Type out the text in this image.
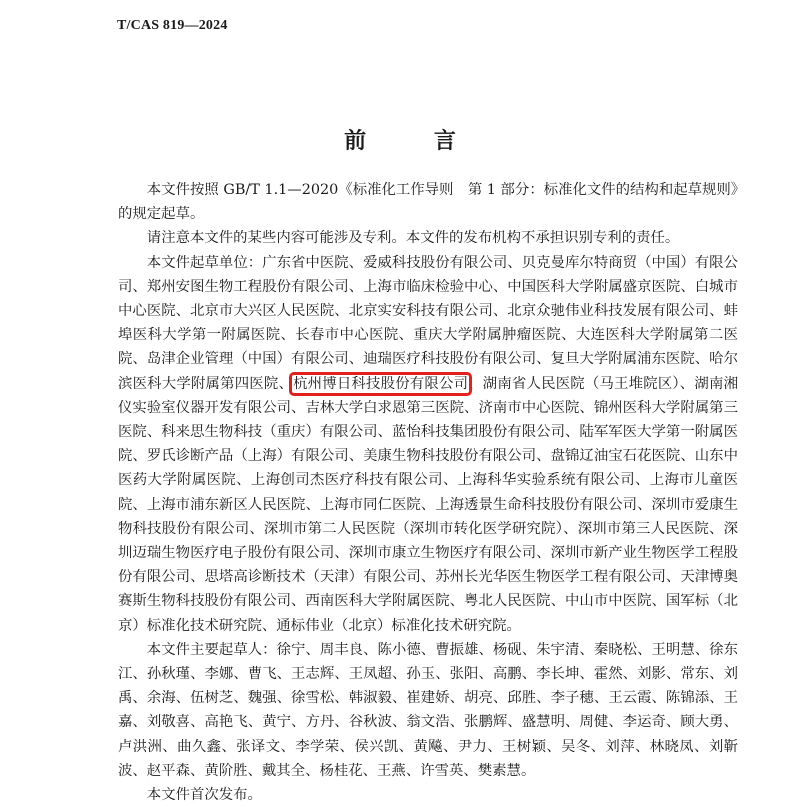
T/CAS 819—2024
前 言

本文件按照 GB/T 1.1—2020《标准化工作导则　第 1 部分：标准化文件的结构和起草规则》的规定起草。

请注意本文件的某些内容可能涉及专利。本文件的发布机构不承担识别专利的责任。

本文件起草单位：广东省中医院、爱威科技股份有限公司、贝克曼库尔特商贸（中国）有限公司、郑州安图生物工程股份有限公司、上海市临床检验中心、中国医科大学附属盛京医院、白城市中心医院、北京市大兴区人民医院、北京实安科技有限公司、北京众驰伟业科技发展有限公司、蚌埠医科大学第一附属医院、长春市中心医院、重庆大学附属肿瘤医院、大连医科大学附属第二医院、岛津企业管理（中国）有限公司、迪瑞医疗科技股份有限公司、复旦大学附属浦东医院、哈尔滨医科大学附属第四医院、杭州博日科技股份有限公司、湖南省人民医院（马王堆院区）、湖南湘仪实验室仪器开发有限公司、吉林大学白求恩第三医院、济南市中心医院、锦州医科大学附属第三医院、科来思生物科技（重庆）有限公司、蓝怡科技集团股份有限公司、陆军军医大学第一附属医院、罗氏诊断产品（上海）有限公司、美康生物科技股份有限公司、盘锦辽油宝石花医院、山东中医药大学附属医院、上海创司杰医疗科技有限公司、上海科华实验系统有限公司、上海市儿童医院、上海市浦东新区人民医院、上海市同仁医院、上海透景生命科技股份有限公司、深圳市爱康生物科技股份有限公司、深圳市第二人民医院（深圳市转化医学研究院）、深圳市第三人民医院、深圳迈瑞生物医疗电子股份有限公司、深圳市康立生物医疗有限公司、深圳市新产业生物医学工程股份有限公司、思塔高诊断技术（天津）有限公司、苏州长光华医生物医学工程有限公司、天津博奥赛斯生物科技股份有限公司、西南医科大学附属医院、粤北人民医院、中山市中医院、国军标（北京）标准化技术研究院、通标伟业（北京）标准化技术研究院。

本文件主要起草人：徐宁、周丰良、陈小德、曹振雄、杨砚、朱宇清、秦晓松、王明慧、徐东江、孙秋瑾、李娜、曹飞、王志辉、王凤超、孙玉、张阳、高鹏、李长坤、霍然、刘影、常东、刘禹、余海、伍树芝、魏强、徐雪松、韩淑毅、崔建娇、胡亮、邱胜、李子穗、王云霞、陈锦添、王嘉、刘敬喜、高艳飞、黄宁、方丹、谷秋波、翁文浩、张鹏辉、盛慧明、周健、李运奇、顾大勇、卢洪洲、曲久鑫、张译文、李学荣、侯兴凯、黄飚、尹力、王树颖、吴冬、刘萍、林晓凤、刘靳波、赵平森、黄阶胜、戴其全、杨桂花、王燕、许雪英、樊素慧。

本文件首次发布。
